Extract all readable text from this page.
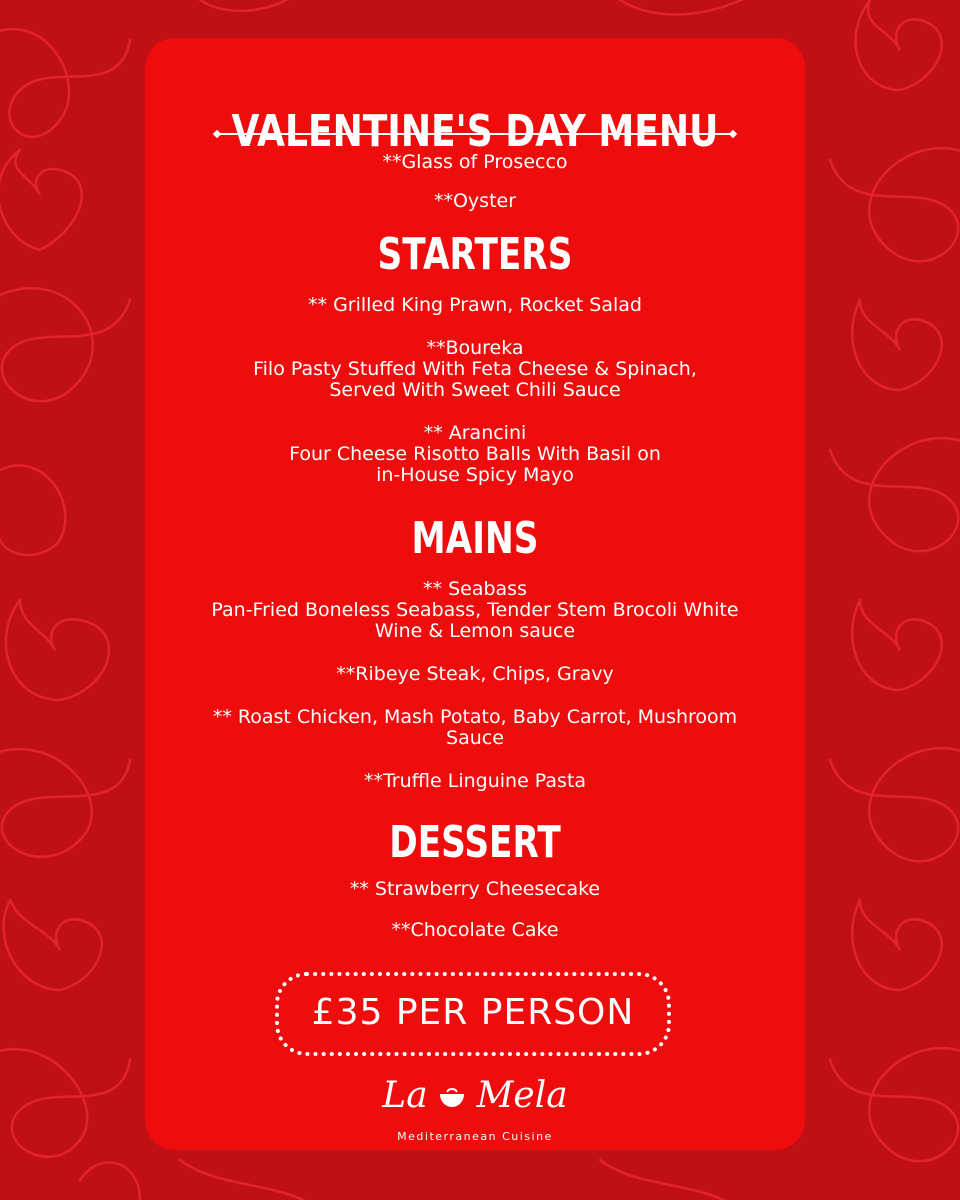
VALENTINE'S DAY MENU
**Glass of Prosecco
**Oyster
STARTERS
** Grilled King Prawn, Rocket Salad
**Boureka
Filo Pasty Stuffed With Feta Cheese & Spinach,
Served With Sweet Chili Sauce
** Arancini
Four Cheese Risotto Balls With Basil on
in-House Spicy Mayo
MAINS
** Seabass
Pan-Fried Boneless Seabass, Tender Stem Brocoli White
Wine & Lemon sauce
**Ribeye Steak, Chips, Gravy
** Roast Chicken, Mash Potato, Baby Carrot, Mushroom
Sauce
**Truffle Linguine Pasta
DESSERT
** Strawberry Cheesecake
**Chocolate Cake
£35 PER PERSON
La Mela
Mediterranean Cuisine
